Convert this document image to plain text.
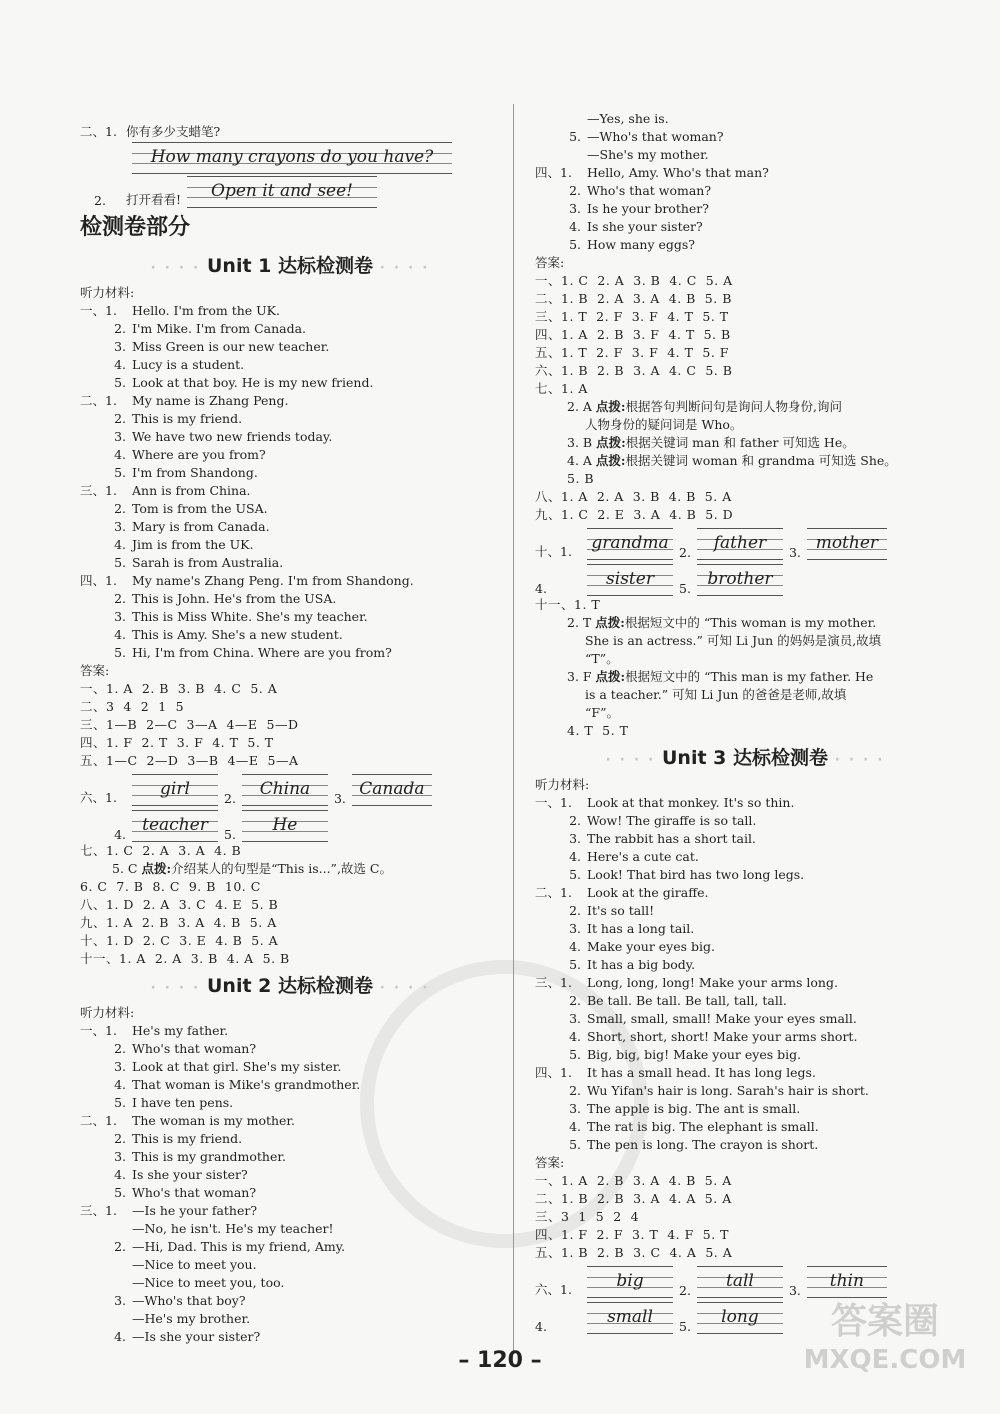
二、1. 你有多少支蜡笔?
How many crayons do you have?
2.	打开看看!	Open it and see!
检测卷部分
· · · · Unit 1 达标检测卷 · · · ·
听力材料:
一、1. Hello. I'm from the UK.
2. I'm Mike. I'm from Canada.
3. Miss Green is our new teacher.
4. Lucy is a student.
5. Look at that boy. He is my new friend.
二、1. My name is Zhang Peng.
2. This is my friend.
3. We have two new friends today.
4. Where are you from?
5. I'm from Shandong.
三、1. Ann is from China.
2. Tom is from the USA.
3. Mary is from Canada.
4. Jim is from the UK.
5. Sarah is from Australia.
四、1. My name's Zhang Peng. I'm from Shandong.
2. This is John. He's from the USA.
3. This is Miss White. She's my teacher.
4. This is Amy. She's a new student.
5. Hi, I'm from China. Where are you from?
答案:
一、1. A  2. B  3. B  4. C  5. A
二、3  4  2  1  5
三、1—B  2—C  3—A  4—E  5—D
四、1. F  2. T  3. F  4. T  5. T
五、1—C  2—D  3—B  4—E  5—A
六、1.	girl	2.	China	3. Canada
4. teacher	5.	He
七、1. C  2. A  3. A  4. B
5. C 点拨:介绍某人的句型是“This is...”,故选 C。
6. C  7. B  8. C  9. B  10. C
八、1. D  2. A  3. C  4. E  5. B
九、1. A  2. B  3. A  4. B  5. A
十、1. D  2. C  3. E  4. B  5. A
十一、1. A  2. A  3. B  4. A  5. B
· · · · Unit 2 达标检测卷 · · · ·
听力材料:
一、1. He's my father.
2. Who's that woman?
3. Look at that girl. She's my sister.
4. That woman is Mike's grandmother.
5. I have ten pens.
二、1. The woman is my mother.
2. This is my friend.
3. This is my grandmother.
4. Is she your sister?
5. Who's that woman?
三、1. —Is he your father?
—No, he isn't. He's my teacher!
2. —Hi, Dad. This is my friend, Amy.
—Nice to meet you.
—Nice to meet you, too.
3. —Who's that boy?
—He's my brother.
4. —Is she your sister?
—Yes, she is.
5. —Who's that woman?
—She's my mother.
四、1. Hello, Amy. Who's that man?
2. Who's that woman?
3. Is he your brother?
4. Is she your sister?
5. How many eggs?
答案:
一、1. C  2. A  3. B  4. C  5. A
二、1. B  2. A  3. A  4. B  5. B
三、1. T  2. F  3. F  4. T  5. T
四、1. A  2. B  3. F  4. T  5. B
五、1. T  2. F  3. F  4. T  5. F
六、1. B  2. B  3. A  4. C  5. B
七、1. A
2. A 点拨:根据答句判断问句是询问人物身份,询问
人物身份的疑问词是 Who。
3. B 点拨:根据关键词 man 和 father 可知选 He。
4. A 点拨:根据关键词 woman 和 grandma 可知选 She。
5. B
八、1. A  2. A  3. B  4. B  5. A
九、1. C  2. E  3. A  4. B  5. D
十、1.	grandma 2.	father	3. mother
4.	sister	5. brother
十一、1. T
2. T 点拨:根据短文中的 “This woman is my mother.
She is an actress.” 可知 Li Jun 的妈妈是演员,故填
“T”。
3. F 点拨:根据短文中的 “This man is my father. He
is a teacher.” 可知 Li Jun 的爸爸是老师,故填
“F”。
4. T  5. T
· · · · Unit 3 达标检测卷 · · · ·
听力材料:
一、1. Look at that monkey. It's so thin.
2. Wow! The giraffe is so tall.
3. The rabbit has a short tail.
4. Here's a cute cat.
5. Look! That bird has two long legs.
二、1. Look at the giraffe.
2. It's so tall!
3. It has a long tail.
4. Make your eyes big.
5. It has a big body.
三、1. Long, long, long! Make your arms long.
2. Be tall. Be tall. Be tall, tall, tall.
3. Small, small, small! Make your eyes small.
4. Short, short, short! Make your arms short.
5. Big, big, big! Make your eyes big.
四、1. It has a small head. It has long legs.
2. Wu Yifan's hair is long. Sarah's hair is short.
3. The apple is big. The ant is small.
4. The rat is big. The elephant is small.
5. The pen is long. The crayon is short.
答案:
一、1. A  2. B  3. A  4. B  5. A
二、1. B  2. B  3. A  4. A  5. A
三、3  1  5  2  4
四、1. F  2. F  3. T  4. F  5. T
五、1. B  2. B  3. C  4. A  5. A
六、1.	big	2.	tall	3.	thin
4.	small	5.	long
– 120 –
答案圈
MXQE.COM
